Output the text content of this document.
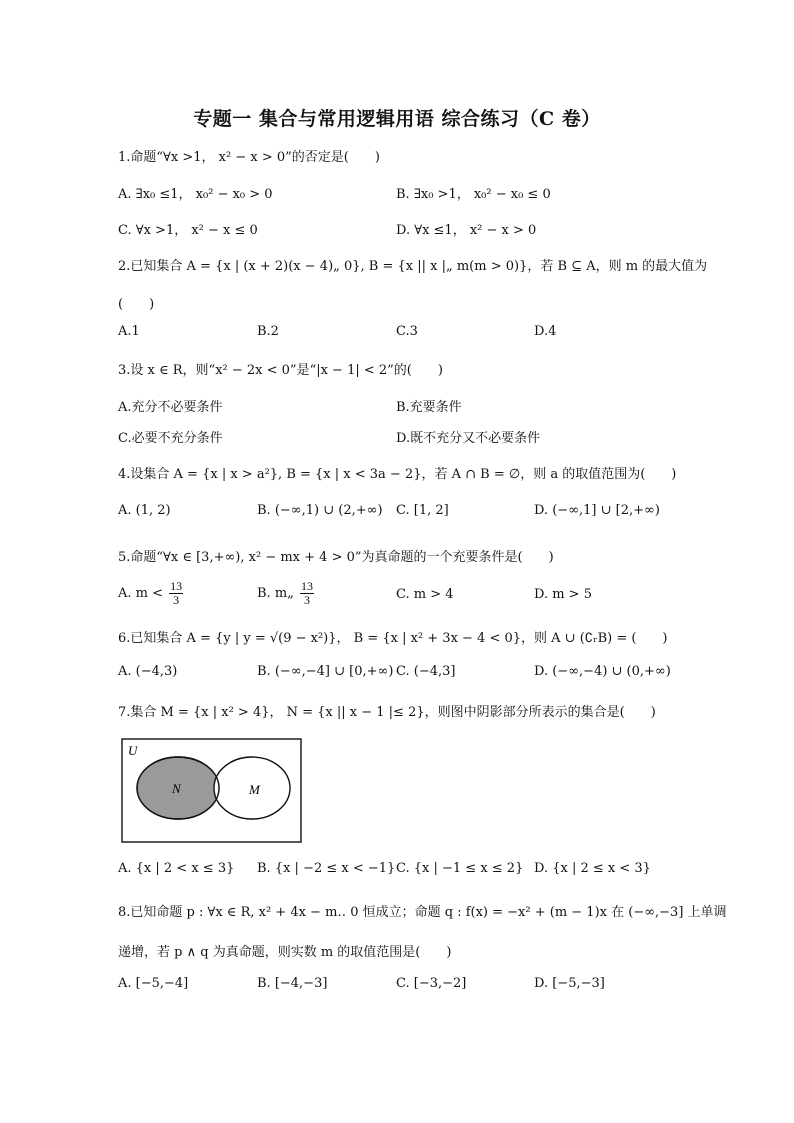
专题一 集合与常用逻辑用语 综合练习（C 卷）
1.命题“∀x >1， x² − x > 0”的否定是(　　)
A. ∃x₀ ≤1， x₀² − x₀ > 0	B. ∃x₀ >1， x₀² − x₀ ≤ 0
C. ∀x >1， x² − x ≤ 0	D. ∀x ≤1， x² − x > 0
2.已知集合 A = {x | (x + 2)(x − 4)„ 0}, B = {x || x |„ m(m > 0)}，若 B ⊆ A，则 m 的最大值为
(　　)
A.1	B.2	C.3	D.4
3.设 x ∈ R，则“x² − 2x < 0”是“|x − 1| < 2”的(　　)
A.充分不必要条件	B.充要条件
C.必要不充分条件	D.既不充分又不必要条件
4.设集合 A = {x | x > a²}, B = {x | x < 3a − 2}，若 A ∩ B = ∅，则 a 的取值范围为(　　)
A. (1, 2)	B. (−∞,1) ∪ (2,+∞) C. [1, 2]	D. (−∞,1] ∪ [2,+∞)
5.命题“∀x ∈ [3,+∞), x² − mx + 4 > 0”为真命题的一个充要条件是(　　)
A. $m < \frac{13}{3}$	B. m„ $\frac{13}{3}$	C. m > 4	D. m > 5
6.已知集合 A = {y | y = √(9 − x²)}， B = {x | x² + 3x − 4 < 0}，则 A ∪ (∁ᵣB) = (　　)
A. (−4,3)	B. (−∞,−4] ∪ [0,+∞) C. (−4,3]	D. (−∞,−4) ∪ (0,+∞)
7.集合 M = {x | x² > 4}， N = {x || x − 1 |≤ 2}，则图中阴影部分所表示的集合是(　　)
U
N	M
A. {x | 2 < x ≤ 3} B. {x | −2 ≤ x < −1} C. {x | −1 ≤ x ≤ 2} D. {x | 2 ≤ x < 3}
8.已知命题 p : ∀x ∈ R, x² + 4x − m‥ 0 恒成立；命题 q : f(x) = −x² + (m − 1)x 在 (−∞,−3] 上单调
递增，若 p ∧ q 为真命题，则实数 m 的取值范围是(　　)
A. [−5,−4]	B. [−4,−3]	C. [−3,−2]	D. [−5,−3]
